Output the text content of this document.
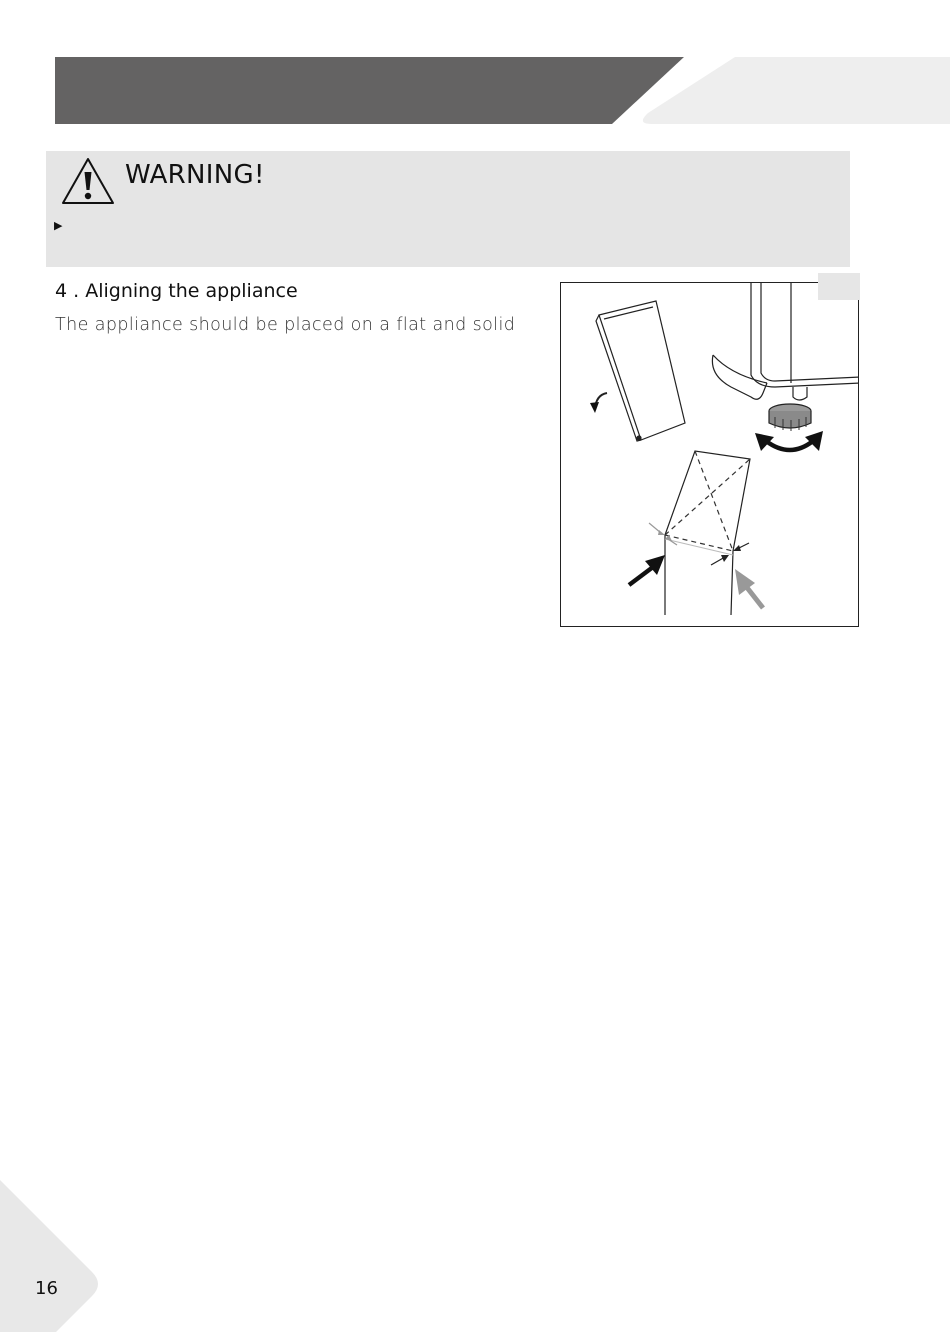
WARNING!
▶
4 . Aligning the appliance
The appliance should be placed on a flat and solid
16
